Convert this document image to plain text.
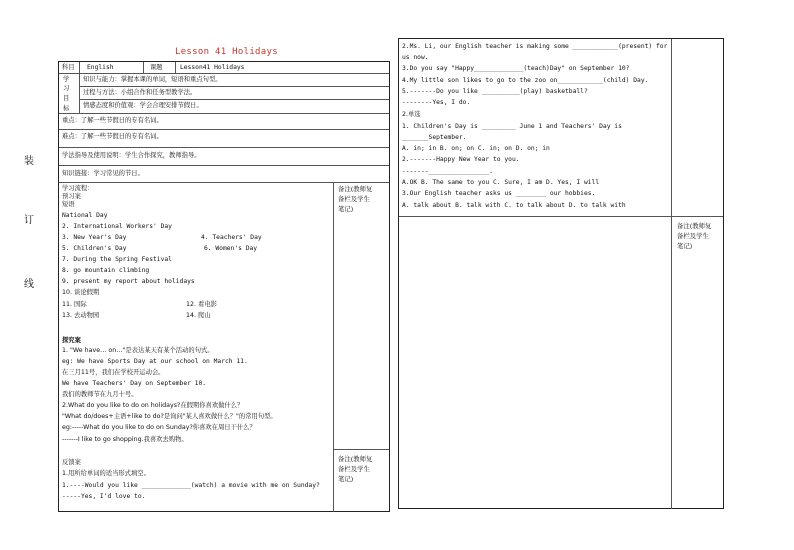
装
订
线
Lesson 41 Holidays
科目 English	课题	Lesson41 Holidays
学
习
目
标
知识与能力：掌握本课的单词，短语和重点句型。
过程与方法：小组合作和任务型教学法。
情感态度和价值观：学会合理安排节假日。
重点：了解一些节假日的专有名词。
难点：了解一些节假日的专有名词。
学法指导及使用说明：学生合作探究，教师指导。
知识链接：学习常见的节日。
备注(教师复
备栏及学生
笔记)
备注(教师复
备栏及学生
笔记)
学习流程：
预习案
短语
National Day
2. International Workers' Day
3. New Year's Day	4. Teachers' Day
5. Children's Day	6. Women's Day
7. During the Spring Festival
8. go mountain climbing
9. present my report about holidays
10. 谈论假期
11. 国际	12. 看电影
13. 去动物园	14. 爬山
探究案
1. "We have… on…"是表达某天有某个活动的句式。
eg: We have Sports Day at our school on March 11.
在三月11号，我们在学校开运动会。
We have Teachers' Day on September 10.
我们的教师节在九月十号。
2.What do you like to do on holidays?在假期你喜欢做什么？
"What do/does+主语+like to do?是询问"某人喜欢做什么？"的常用句型。
eg:-----What do you like to do on Sunday?你喜欢在周日干什么？
-------I like to go shopping.我喜欢去购物。
反馈案
1.用所给单词的适当形式填空。
1.----Would you like _____________(watch) a movie with me on Sunday?
-----Yes, I'd love to.
备注(教师复
备栏及学生
笔记)
2.Ms. Li, our English teacher is making some ____________(present) for
us now.
3.Do you say "Happy_____________(teach)Day" on September 10?
4.My little son likes to go to the zoo on____________(child) Day.
5.-------Do you like __________(play) basketball?
--------Yes, I do.
2.单选
1. Children's Day is _________ June 1 and Teachers' Day is
_______September.
A. in; in B. on; on C. in; on D. on; in
2.-------Happy New Year to you.
-------________________.
A.OK B. The same to you C. Sure, I am D. Yes, I will
3.Our English teacher asks us ________ our hobbies.
A. talk about B. talk with C. to talk about D. to talk with
